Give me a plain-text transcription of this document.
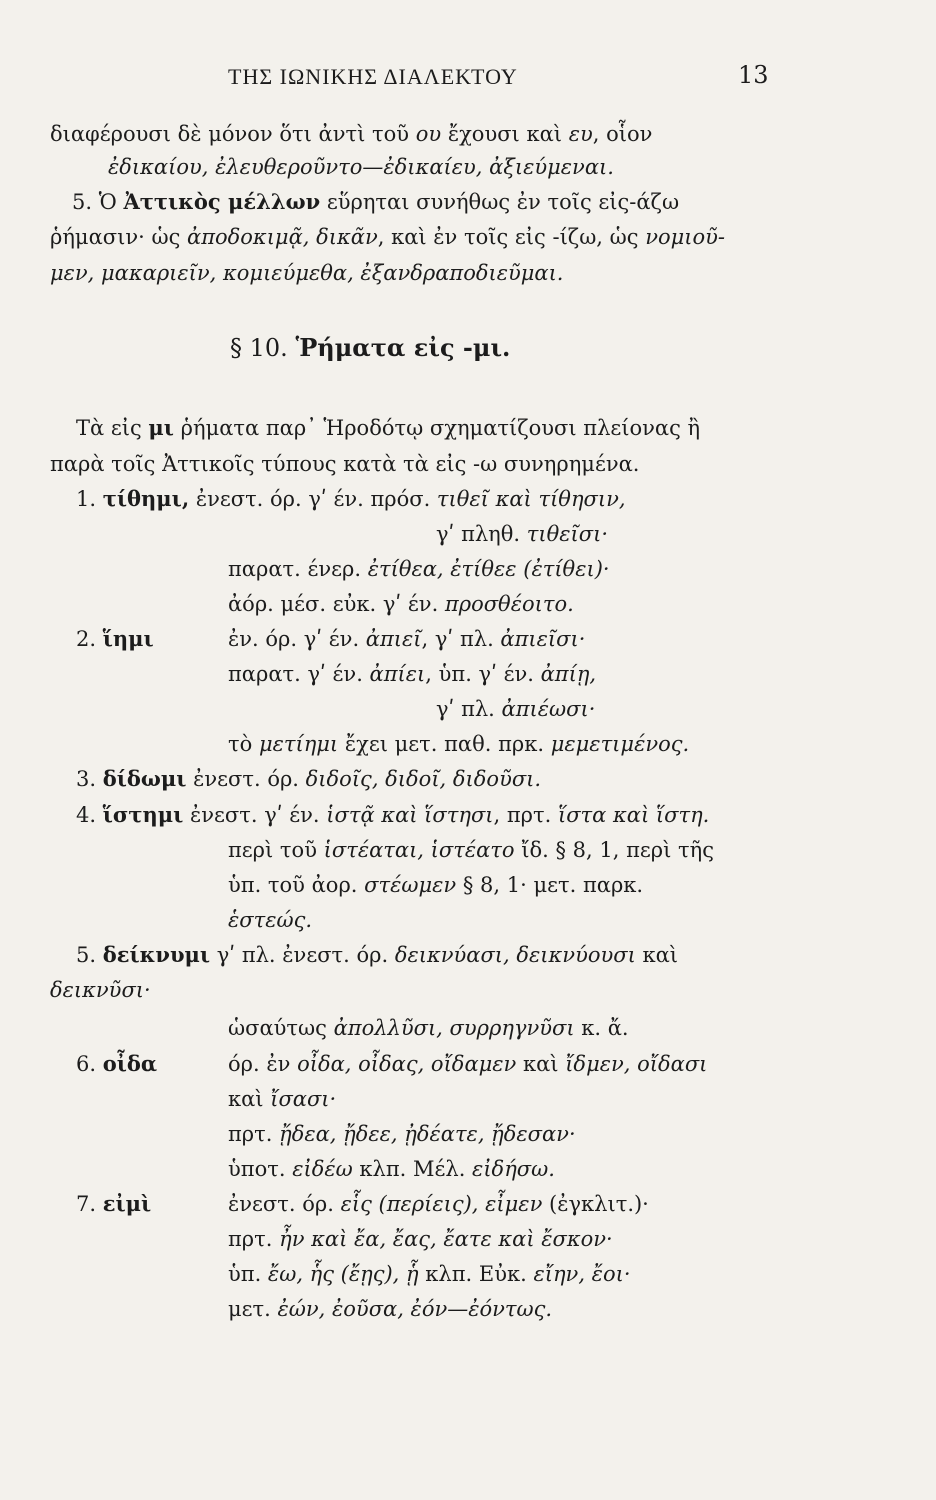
ΤΗΣ ΙΩΝΙΚΗΣ ΔΙΑΛΕΚΤΟΥ	13
διαφέρουσι δὲ μόνον ὅτι ἀντὶ τοῦ ου ἔχουσι καὶ ευ, οἷον
ἐδικαίου, ἐλευθεροῦντο—ἐδικαίευ, ἀξιεύμεναι.
5. Ὁ Ἀττικὸς μέλλων εὕρηται συνήθως ἐν τοῖς εἰς-άζω
ῥήμασιν· ὡς ἀποδοκιμᾷ, δικᾶν, καὶ ἐν τοῖς εἰς -ίζω, ὡς νομιοῦ-
μεν, μακαριεῖν, κομιεύμεθα, ἐξανδραποδιεῦμαι.
§ 10. Ῥήματα εἰς -μι.
Τὰ εἰς μι ῥήματα παρ᾿ Ἡροδότῳ σχηματίζουσι πλείονας ἢ
παρὰ τοῖς Ἀττικοῖς τύπους κατὰ τὰ εἰς -ω συνηρημένα.
1. τίθημι, ἐνεστ. όρ. γʹ έν. πρόσ. τιθεῖ καὶ τίθησιν,
γʹ πληθ. τιθεῖσι·
παρατ. ένερ. ἐτίθεα, ἐτίθεε (ἐτίθει)·
ἀόρ. μέσ. εὐκ. γʹ έν. προσθέοιτο.
2. ἵημι	ἐν. όρ. γʹ έν. ἀπιεῖ, γʹ πλ. ἀπιεῖσι·
παρατ. γʹ έν. ἀπίει, ὑπ. γʹ έν. ἀπίῃ,
γʹ πλ. ἀπιέωσι·
τὸ μετίημι ἔχει μετ. παθ. πρκ. μεμετιμένος.
3. δίδωμι ἐνεστ. όρ. διδοῖς, διδοῖ, διδοῦσι.
4. ἵστημι ἐνεστ. γʹ έν. ἱστᾷ καὶ ἵστησι, πρτ. ἵστα καὶ ἵστη.
περὶ τοῦ ἱστέαται, ἱστέατο ἴδ. § 8, 1, περὶ τῆς
ὑπ. τοῦ ἀορ. στέωμεν § 8, 1· μετ. παρκ.
ἑστεώς.
5. δείκνυμι γʹ πλ. ἐνεστ. όρ. δεικνύασι, δεικνύουσι καὶ
δεικνῦσι·
ὡσαύτως ἀπολλῦσι, συρρηγνῦσι κ. ἄ.
6. οἶδα	όρ. ἐν οἶδα, οἶδας, οἴδαμεν καὶ ἴδμεν, οἴδασι
καὶ ἴσασι·
πρτ. ᾔδεα, ᾔδεε, ᾐδέατε, ᾔδεσαν·
ὑποτ. εἰδέω κλπ. Μέλ. εἰδήσω.
7. εἰμὶ	ἐνεστ. όρ. εἷς (περίεις), εἶμεν (ἐγκλιτ.)·
πρτ. ἦν καὶ ἔα, ἔας, ἔατε καὶ ἔσκον·
ὑπ. ἔω, ἧς (ἔῃς), ᾗ κλπ. Εὐκ. εἴην, ἔοι·
μετ. ἐών, ἐοῦσα, ἐόν—ἐόντως.
